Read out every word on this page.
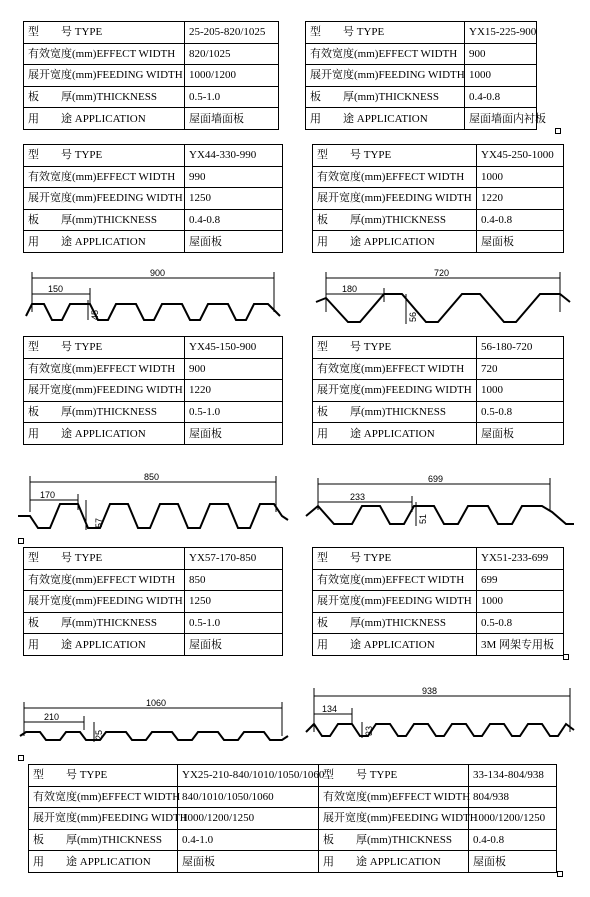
型　　号 TYPE	25-205-820/1025		型　　号 TYPE	YX15-225-900
有效宽度(mm)EFFECT WIDTH	820/1025		有效宽度(mm)EFFECT WIDTH	900
展开宽度(mm)FEEDING WIDTH	1000/1200		展开宽度(mm)FEEDING WIDTH	1000
板　　厚(mm)THICKNESS	0.5-1.0		板　　厚(mm)THICKNESS	0.4-0.8
用　　途 APPLICATION	屋面墙面板		用　　途 APPLICATION	屋面墙面内衬板
型　　号 TYPE	YX44-330-990		型　　号 TYPE	YX45-250-1000
有效宽度(mm)EFFECT WIDTH	990		有效宽度(mm)EFFECT WIDTH	1000
展开宽度(mm)FEEDING WIDTH	1250		展开宽度(mm)FEEDING WIDTH	1220
板　　厚(mm)THICKNESS	0.4-0.8		板　　厚(mm)THICKNESS	0.4-0.8
用　　途 APPLICATION	屋面板		用　　途 APPLICATION	屋面板
900
150
45
720
180
56
型　　号 TYPE	YX45-150-900		型　　号 TYPE	56-180-720
有效宽度(mm)EFFECT WIDTH	900		有效宽度(mm)EFFECT WIDTH	720
展开宽度(mm)FEEDING WIDTH	1220		展开宽度(mm)FEEDING WIDTH	1000
板　　厚(mm)THICKNESS	0.5-1.0		板　　厚(mm)THICKNESS	0.5-0.8
用　　途 APPLICATION	屋面板		用　　途 APPLICATION	屋面板
850
170
57
699
233
51
型　　号 TYPE	YX57-170-850		型　　号 TYPE	YX51-233-699
有效宽度(mm)EFFECT WIDTH	850		有效宽度(mm)EFFECT WIDTH	699
展开宽度(mm)FEEDING WIDTH	1250		展开宽度(mm)FEEDING WIDTH	1000
板　　厚(mm)THICKNESS	0.5-1.0		板　　厚(mm)THICKNESS	0.5-0.8
用　　途 APPLICATION	屋面板		用　　途 APPLICATION	3M 网架专用板
1060
210
25
938
134
33
型　　号 TYPE	YX25-210-840/1010/1050/1060	型　　号 TYPE	33-134-804/938
有效宽度(mm)EFFECT WIDTH	840/1010/1050/1060	有效宽度(mm)EFFECT WIDTH	804/938
展开宽度(mm)FEEDING WIDTH	1000/1200/1250	展开宽度(mm)FEEDING WIDTH	1000/1200/1250
板　　厚(mm)THICKNESS	0.4-1.0	板　　厚(mm)THICKNESS	0.4-0.8
用　　途 APPLICATION	屋面板	用　　途 APPLICATION	屋面板
